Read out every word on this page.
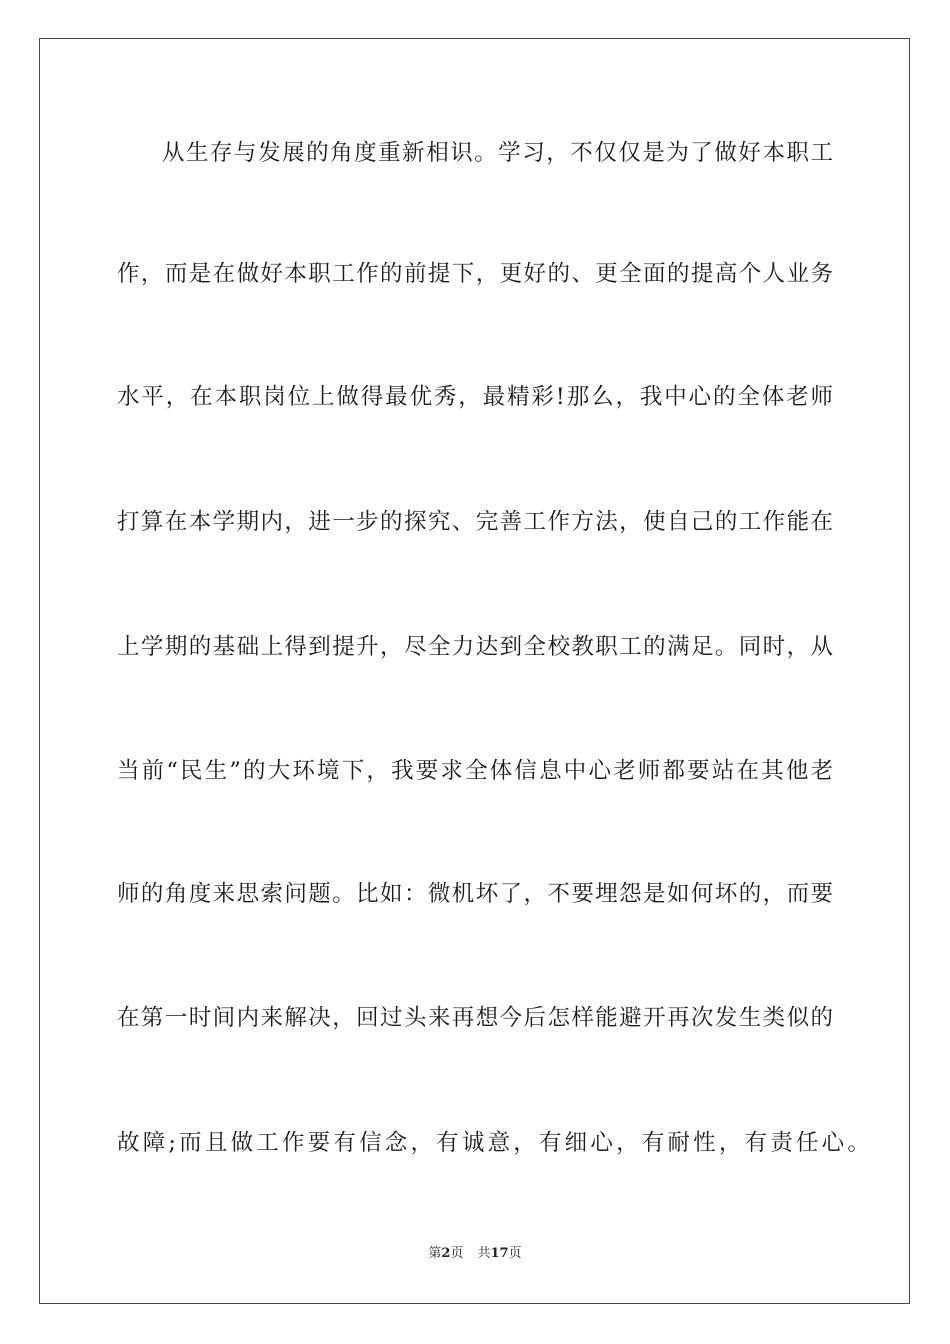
从生存与发展的角度重新相识。学习，不仅仅是为了做好本职工
作，而是在做好本职工作的前提下，更好的、更全面的提高个人业务
水平，在本职岗位上做得最优秀，最精彩!那么，我中心的全体老师
打算在本学期内，进一步的探究、完善工作方法，使自己的工作能在
上学期的基础上得到提升，尽全力达到全校教职工的满足。同时，从
当前“民生”的大环境下，我要求全体信息中心老师都要站在其他老
师的角度来思索问题。比如：微机坏了，不要埋怨是如何坏的，而要
在第一时间内来解决，回过头来再想今后怎样能避开再次发生类似的
故障;而且做工作要有信念，有诚意，有细心，有耐性，有责任心。
第2页 共17页
